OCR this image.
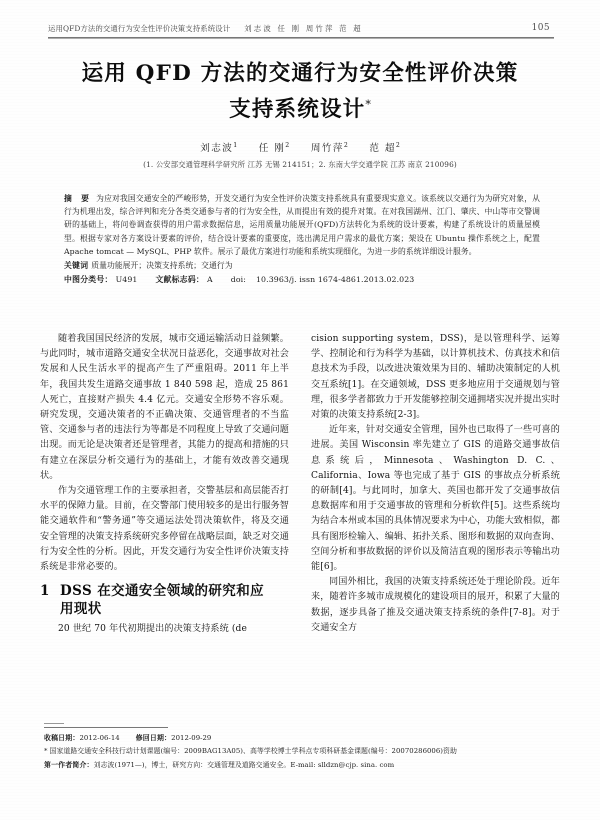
运用QFD方法的交通行为安全性评价决策支持系统设计 刘志波 任 刚 周竹萍 范 超	105
运用 QFD 方法的交通行为安全性评价决策
支持系统设计*
刘志波$^1$ 任 刚$^2$ 周竹萍$^2$ 范 超$^2$
(1. 公安部交通管理科学研究所 江苏 无锡 214151；2. 东南大学交通学院 江苏 南京 210096)
摘 要 为应对我国交通安全的严峻形势，开发交通行为安全性评价决策支持系统具有重要现实意义。该系统以交通行为为研究对象，从行为机理出发，综合评判和充分各类交通参与者的行为安全性，从而提出有效的提升对策。在对我国湖州、江门、肇庆、中山等市交警调研的基础上，将问卷调查获得的用户需求数据信息，运用质量功能展开(QFD)方法转化为系统的设计要素，构建了系统设计的质量屋模型。根据专家对各方案设计要素的评价，结合设计要素的重要度，选出满足用户需求的最优方案；架设在 Ubuntu 操作系统之上，配置 Apache tomcat — MySQL、PHP 软件。展示了最优方案进行功能和系统实现细化，为进一步的系统详细设计服务。
关键词 质量功能展开；决策支持系统；交通行为
中图分类号： U491 文献标志码： A doi: 10.3963/j. issn 1674-4861.2013.02.023

随着我国国民经济的发展，城市交通运输活动日益频繁。与此同时，城市道路交通安全状况日益恶化，交通事故对社会发展和人民生活水平的提高产生了严重阻碍。2011 年上半年，我国共发生道路交通事故 1 840 598 起，造成 25 861 人死亡，直接财产损失 4.4 亿元。交通安全形势不容乐观。研究发现，交通决策者的不正确决策、交通管理者的不当监管、交通参与者的违法行为等都是不同程度上导致了交通问题出现。而无论是决策者还是管理者，其能力的提高和措施的只有建立在深层分析交通行为的基础上，才能有效改善交通现状。

作为交通管理工作的主要承担者，交警基层和高层能否打水平的保障力量。目前，在交警部门使用较多的是出行服务智能交通软件和“警务通”等交通运法处罚决策软件，将及交通安全管理的决策支持系统研究多停留在战略层面，缺乏对交通行为安全性的分析。因此，开发交通行为安全性评价决策支持系统是非常必要的。

1 DSS 在交通安全领域的研究和应
用现状

20 世纪 70 年代初期提出的决策支持系统 (de

cision supporting system，DSS)，是以管理科学、运筹学、控制论和行为科学为基础，以计算机技术、仿真技术和信息技术为手段，以改进决策效果为目的、辅助决策制定的人机交互系统[1]。在交通领域，DSS 更多地应用于交通规划与管理，很多学者都致力于开发能够控制交通拥堵实况并提出实时对策的决策支持系统[2-3]。

近年来，针对交通安全管理，国外也已取得了一些可喜的进展。美国 Wisconsin 率先建立了 GIS 的道路交通事故信息系统后，Minnesota、Washington D. C.、California、Iowa 等也完成了基于 GIS 的事故点分析系统的研制[4]。与此同时，加拿大、英国也都开发了交通事故信息数据库和用于交通事故的管理和分析软件[5]。这些系统均为结合本州或本国的具体情况要求为中心，功能大致相似，都具有图形检输入、编辑、拓扑关系、图形和数据的双向查询、空间分析和事故数据的评价以及简洁直观的图形表示等输出功能[6]。

同国外相比，我国的决策支持系统还处于理论阶段。近年来，随着许多城市成规模化的建设项目的展开，积累了大量的数据，逐步具备了推及交通决策支持系统的条件[7-8]。对于交通安全方

收稿日期：2012-06-14 修回日期：2012-09-29
* 国家道路交通安全科技行动计划课题(编号：2009BAG13A05)、高等学校博士学科点专项科研基金课题(编号：20070286006)资助
第一作者简介：刘志波(1971—)，博士，研究方向：交通管理及道路交通安全。E-mail: slldzn@cjp. sina. com
